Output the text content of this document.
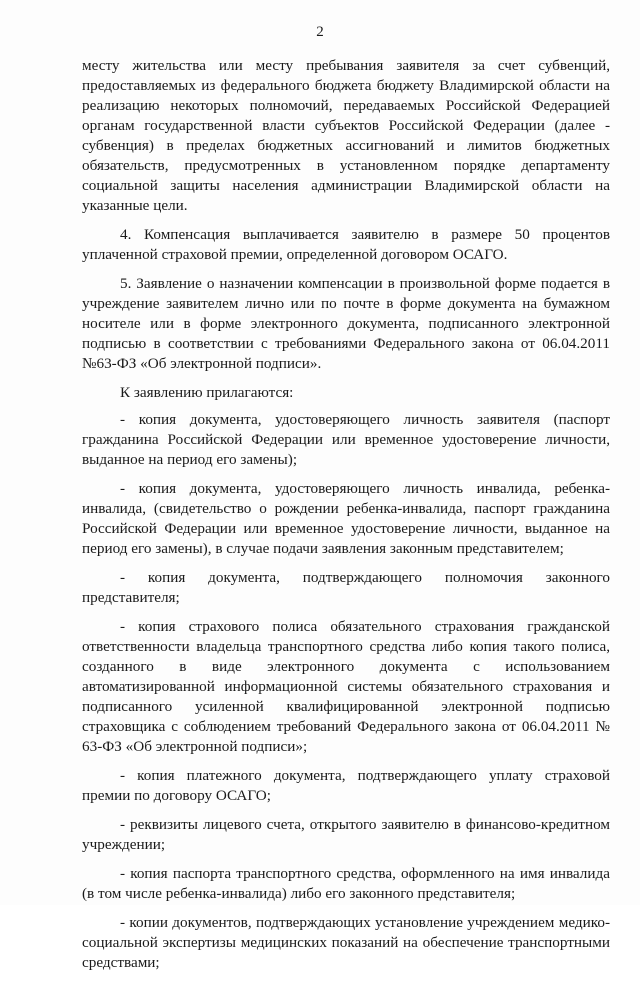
2

месту жительства или месту пребывания заявителя за счет субвенций, предоставляемых из федерального бюджета бюджету Владимирской области на реализацию некоторых полномочий, передаваемых Российской Федерацией органам государственной власти субъектов Российской Федерации (далее - субвенция) в пределах бюджетных ассигнований и лимитов бюджетных обязательств, предусмотренных в установленном порядке департаменту социальной защиты населения администрации Владимирской области на указанные цели.

4. Компенсация выплачивается заявителю в размере 50 процентов уплаченной страховой премии, определенной договором ОСАГО.

5. Заявление о назначении компенсации в произвольной форме подается в учреждение заявителем лично или по почте в форме документа на бумажном носителе или в форме электронного документа, подписанного электронной подписью в соответствии с требованиями Федерального закона от 06.04.2011 №63-ФЗ «Об электронной подписи».

К заявлению прилагаются:

- копия документа, удостоверяющего личность заявителя (паспорт гражданина Российской Федерации или временное удостоверение личности, выданное на период его замены);

- копия документа, удостоверяющего личность инвалида, ребенка-инвалида, (свидетельство о рождении ребенка-инвалида, паспорт гражданина Российской Федерации или временное удостоверение личности, выданное на период его замены), в случае подачи заявления законным представителем;

- копия документа, подтверждающего полномочия законного представителя;

- копия страхового полиса обязательного страхования гражданской ответственности владельца транспортного средства либо копия такого полиса, созданного в виде электронного документа с использованием автоматизированной информационной системы обязательного страхования и подписанного усиленной квалифицированной электронной подписью страховщика с соблюдением требований Федерального закона от 06.04.2011 № 63-ФЗ «Об электронной подписи»;

- копия платежного документа, подтверждающего уплату страховой премии по договору ОСАГО;

- реквизиты лицевого счета, открытого заявителю в финансово-кредитном учреждении;

- копия паспорта транспортного средства, оформленного на имя инвалида (в том числе ребенка-инвалида) либо его законного представителя;

- копии документов, подтверждающих установление учреждением медико-социальной экспертизы медицинских показаний на обеспечение транспортными средствами;
